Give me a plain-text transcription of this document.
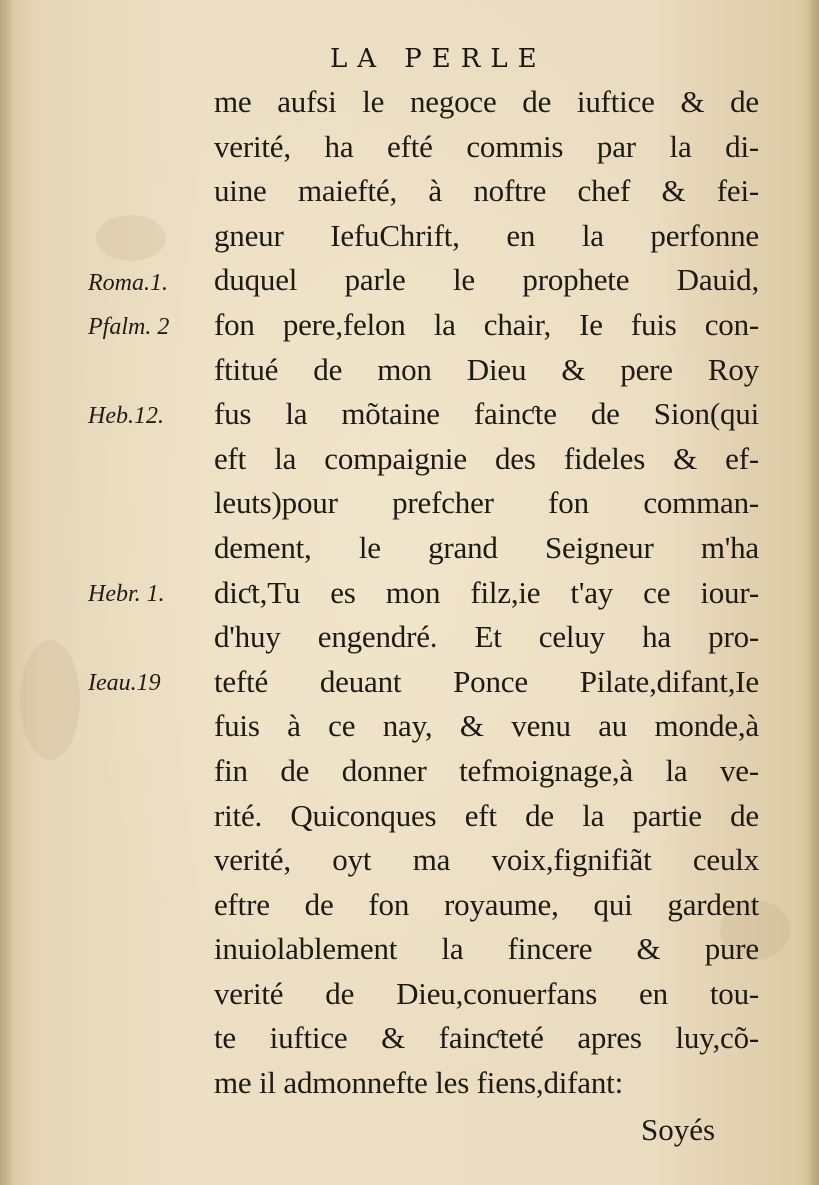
LA PERLE
me aufsi le negoce de iuftice & de
verité, ha efté commis par la di-
uine maiefté, à noftre chef & fei-
gneur IefuChrift, en la perfonne
duquel parle le prophete Dauid,
fon pere,felon la chair, Ie fuis con-
ftitué de mon Dieu & pere Roy
fus la mõtaine fainƈte de Sion(qui
eft la compaignie des fideles & ef-
leuts)pour prefcher fon comman-
dement, le grand Seigneur m'ha
diƈt,Tu es mon filz,ie t'ay ce iour-
d'huy engendré. Et celuy ha pro-
tefté deuant Ponce Pilate,difant,Ie
fuis à ce nay, & venu au monde,à
fin de donner tefmoignage,à la ve-
rité. Quiconques eft de la partie de
verité, oyt ma voix,fignifiãt ceulx
eftre de fon royaume, qui gardent
inuiolablement la fincere & pure
verité de Dieu,conuerfans en tou-
te iuftice & fainƈteté apres luy,cõ-
me il admonnefte les fiens,difant:
Soyés
Roma.1.
Pfalm. 2
Heb.12.
Hebr. 1.
Ieau.19
